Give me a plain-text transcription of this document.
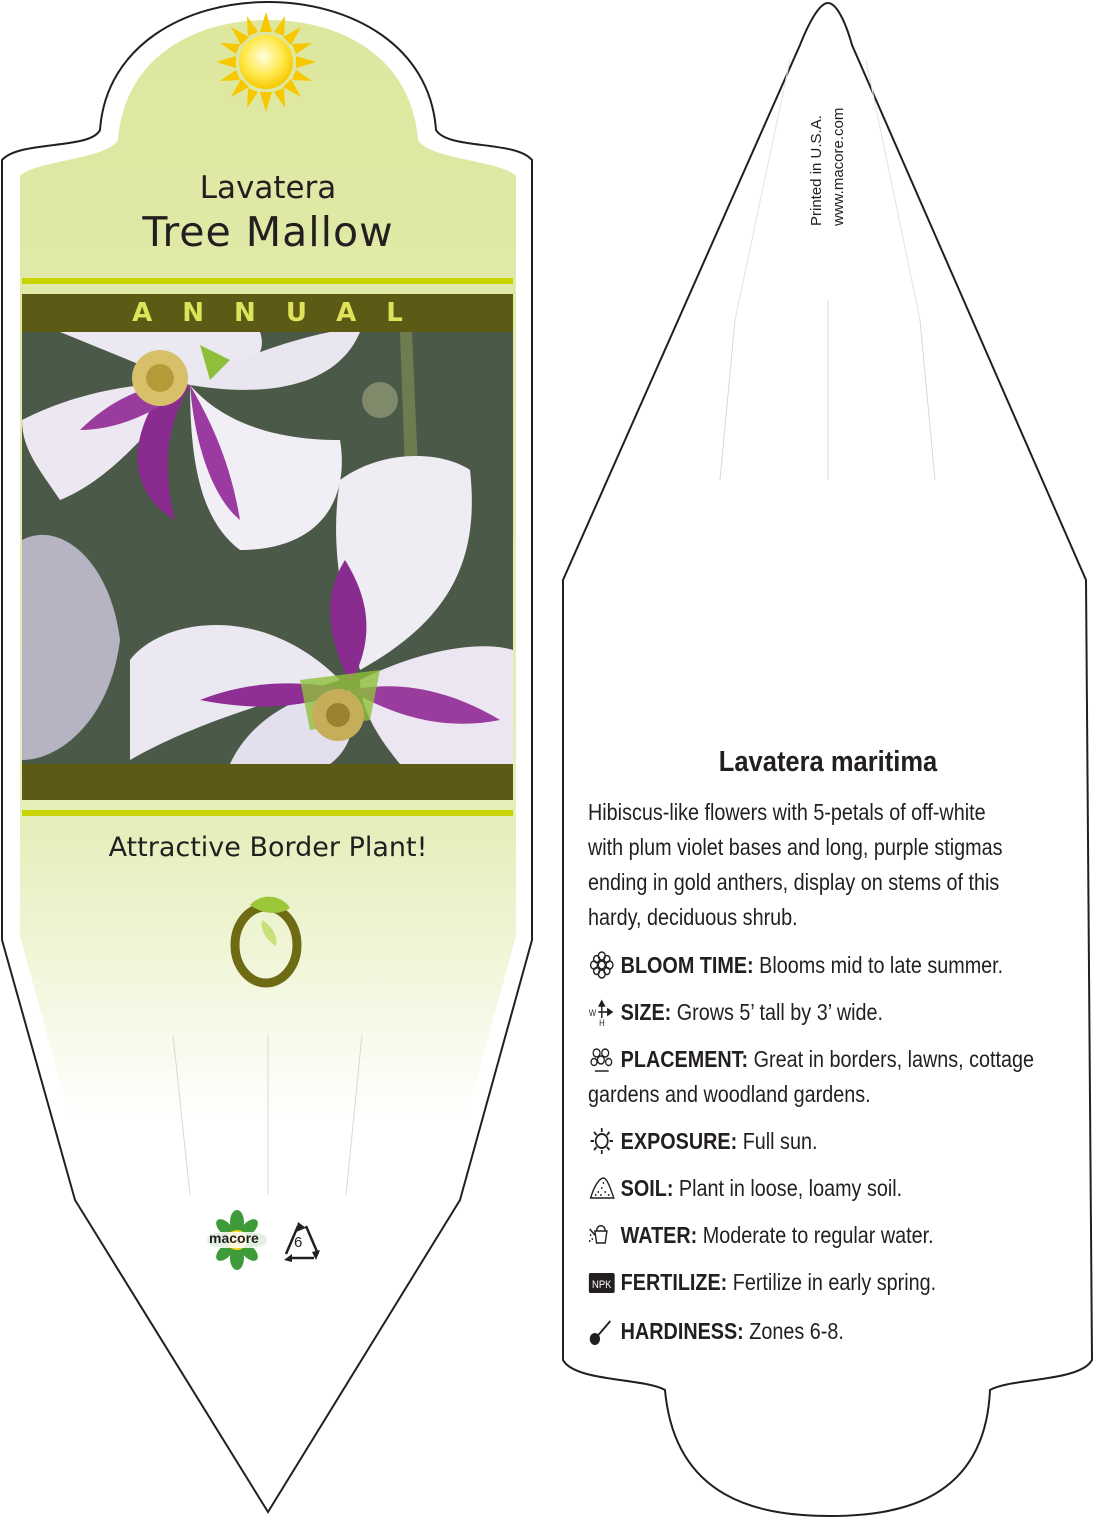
Lavatera
Tree Mallow
ANNUAL
Attractive Border Plant!
macore 6
Printed in U.S.A. www.macore.com
Lavatera maritima
Hibiscus-like flowers with 5-petals of off-white
with plum violet bases and long, purple stigmas
ending in gold anthers, display on stems of this
hardy, deciduous shrub.
BLOOM TIME: Blooms mid to late summer.
W
H SIZE: Grows 5’ tall by 3’ wide.
PLACEMENT: Great in borders, lawns, cottage
gardens and woodland gardens.
EXPOSURE: Full sun.
SOIL: Plant in loose, loamy soil.
WATER: Moderate to regular water.
NPK FERTILIZE: Fertilize in early spring.
HARDINESS: Zones 6-8.
